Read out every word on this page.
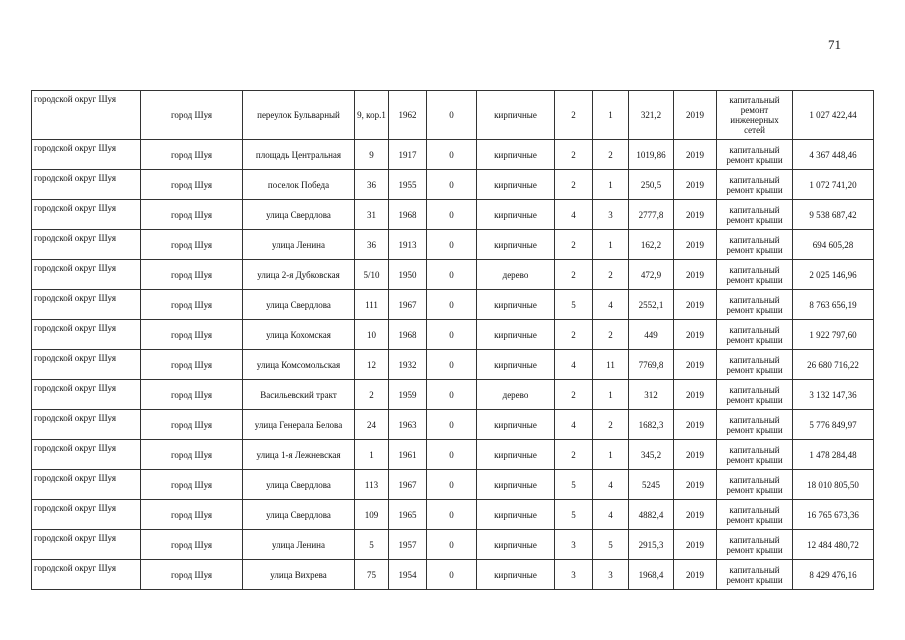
71
городской округ Шуя	город Шуя	переулок Бульварный	9, кор.1	1962	0	кирпичные	2	1	321,2	2019	капитальный ремонт инженерных сетей	1 027 422,44
городской округ Шуя	город Шуя	площадь Центральная	9	1917	0	кирпичные	2	2	1019,86	2019	капитальный ремонт крыши	4 367 448,46
городской округ Шуя	город Шуя	поселок Победа	36	1955	0	кирпичные	2	1	250,5	2019	капитальный ремонт крыши	1 072 741,20
городской округ Шуя	город Шуя	улица Свердлова	31	1968	0	кирпичные	4	3	2777,8	2019	капитальный ремонт крыши	9 538 687,42
городской округ Шуя	город Шуя	улица Ленина	36	1913	0	кирпичные	2	1	162,2	2019	капитальный ремонт крыши	694 605,28
городской округ Шуя	город Шуя	улица 2-я Дубковская	5/10	1950	0	дерево	2	2	472,9	2019	капитальный ремонт крыши	2 025 146,96
городской округ Шуя	город Шуя	улица Свердлова	111	1967	0	кирпичные	5	4	2552,1	2019	капитальный ремонт крыши	8 763 656,19
городской округ Шуя	город Шуя	улица Кохомская	10	1968	0	кирпичные	2	2	449	2019	капитальный ремонт крыши	1 922 797,60
городской округ Шуя	город Шуя	улица Комсомольская	12	1932	0	кирпичные	4	11	7769,8	2019	капитальный ремонт крыши	26 680 716,22
городской округ Шуя	город Шуя	Васильевский тракт	2	1959	0	дерево	2	1	312	2019	капитальный ремонт крыши	3 132 147,36
городской округ Шуя	город Шуя	улица Генерала Белова	24	1963	0	кирпичные	4	2	1682,3	2019	капитальный ремонт крыши	5 776 849,97
городской округ Шуя	город Шуя	улица 1-я Лежневская	1	1961	0	кирпичные	2	1	345,2	2019	капитальный ремонт крыши	1 478 284,48
городской округ Шуя	город Шуя	улица Свердлова	113	1967	0	кирпичные	5	4	5245	2019	капитальный ремонт крыши	18 010 805,50
городской округ Шуя	город Шуя	улица Свердлова	109	1965	0	кирпичные	5	4	4882,4	2019	капитальный ремонт крыши	16 765 673,36
городской округ Шуя	город Шуя	улица Ленина	5	1957	0	кирпичные	3	5	2915,3	2019	капитальный ремонт крыши	12 484 480,72
городской округ Шуя	город Шуя	улица Вихрева	75	1954	0	кирпичные	3	3	1968,4	2019	капитальный ремонт крыши	8 429 476,16
